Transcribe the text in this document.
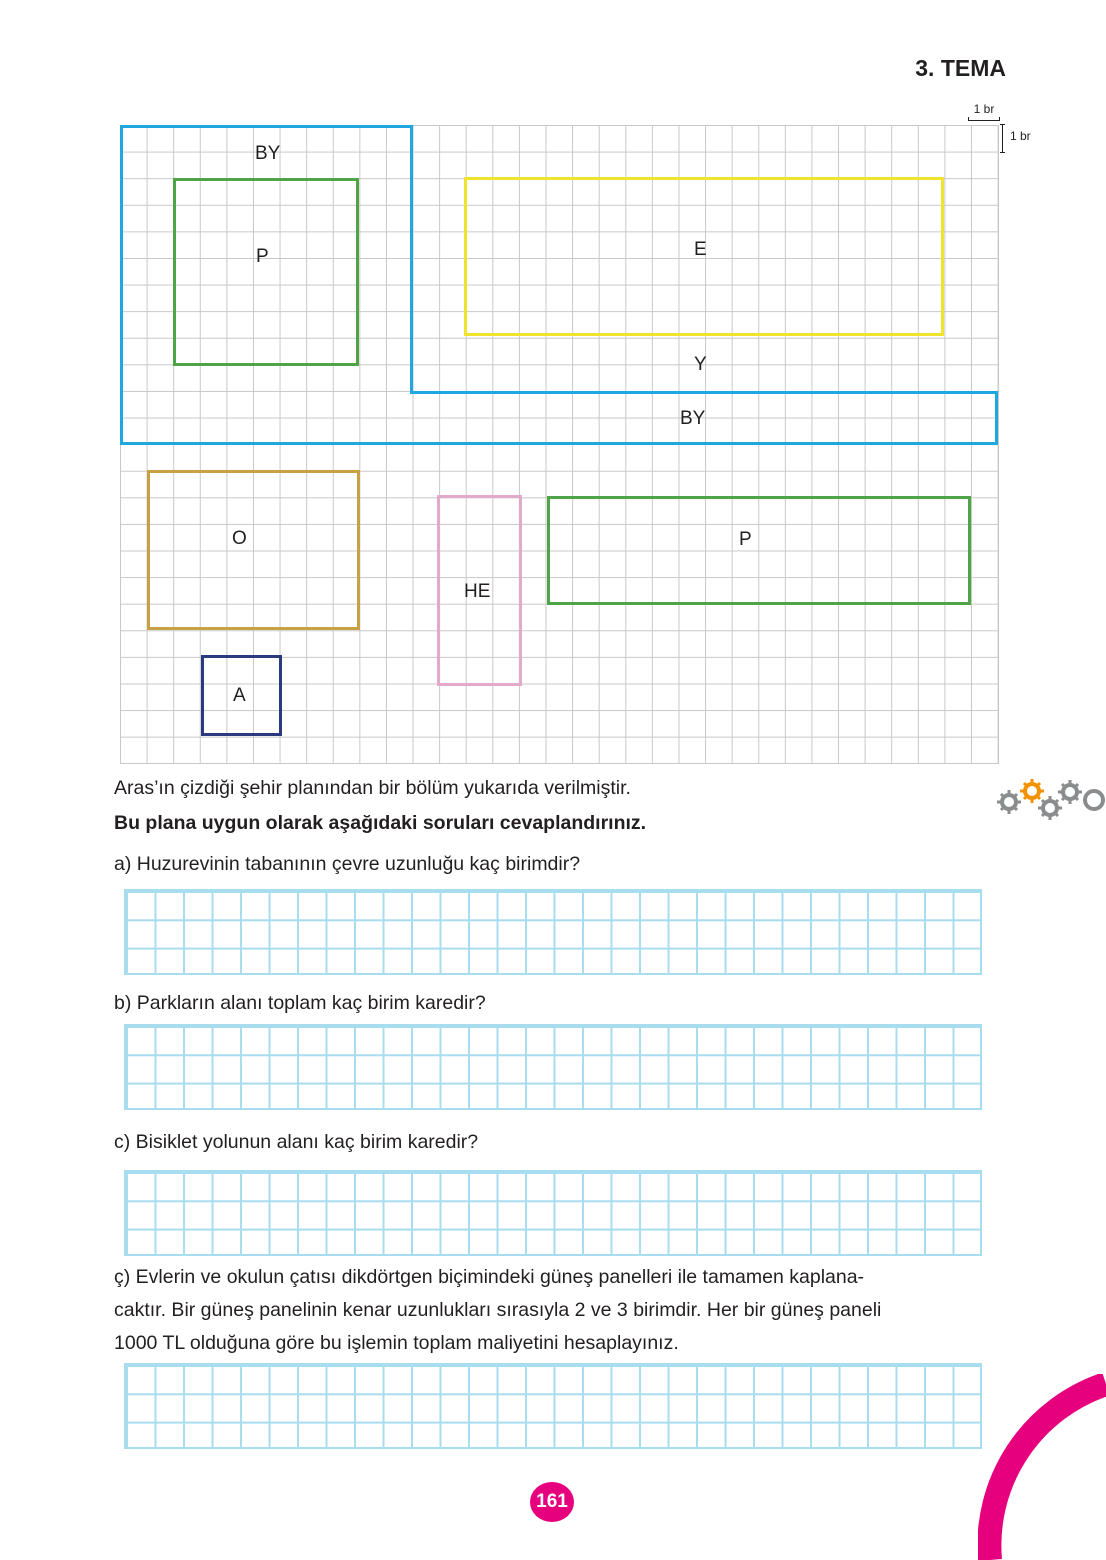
3. TEMA
1 br
1 br
BY
P	E
Y
BY
O
HE
P
A
Aras’ın çizdiği şehir planından bir bölüm yukarıda verilmiştir.
Bu plana uygun olarak aşağıdaki soruları cevaplandırınız.
a) Huzurevinin tabanının çevre uzunluğu kaç birimdir?
b) Parkların alanı toplam kaç birim karedir?
c) Bisiklet yolunun alanı kaç birim karedir?
ç) Evlerin ve okulun çatısı dikdörtgen biçimindeki güneş panelleri ile tamamen kaplana-
caktır. Bir güneş panelinin kenar uzunlukları sırasıyla 2 ve 3 birimdir. Her bir güneş paneli
1000 TL olduğuna göre bu işlemin toplam maliyetini hesaplayınız.
161
